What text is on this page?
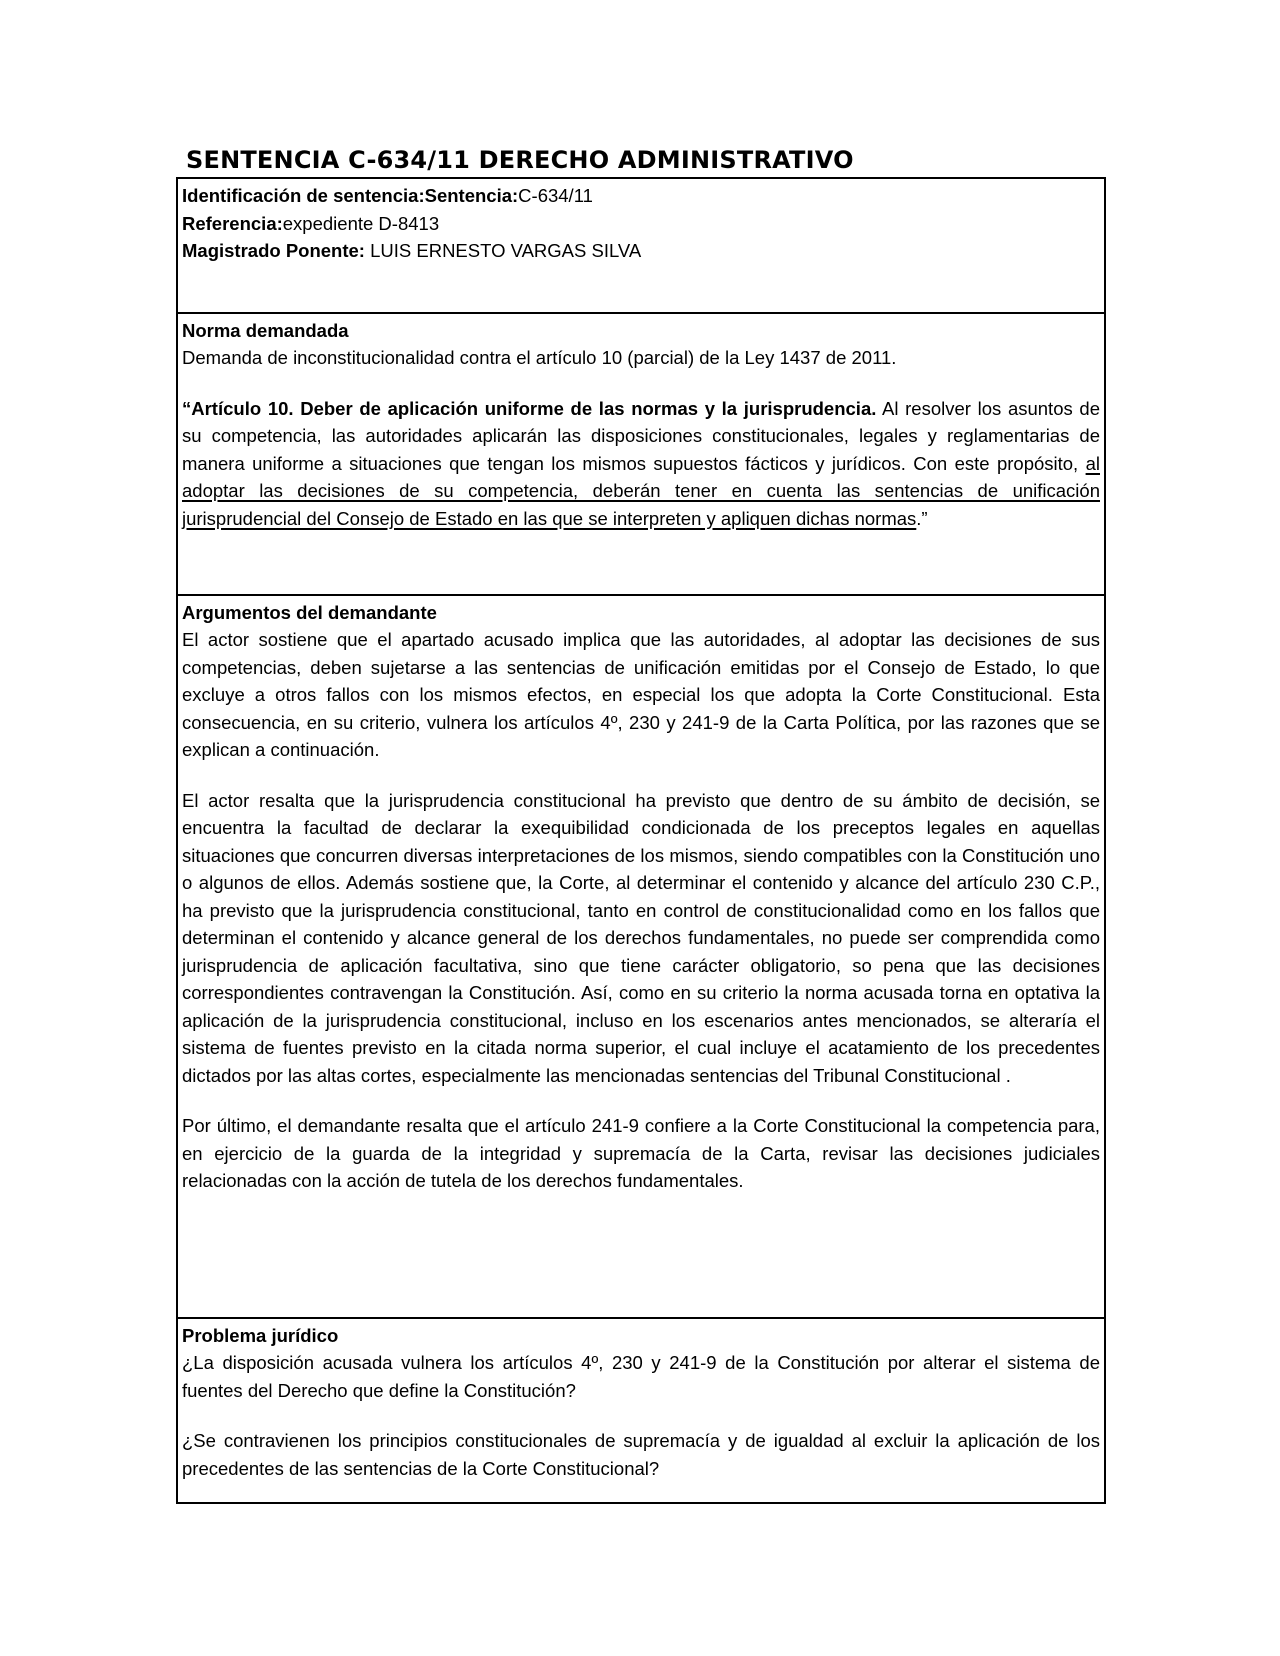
SENTENCIA C-634/11 DERECHO ADMINISTRATIVO

Identificación de sentencia:Sentencia:C-634/11

Referencia:expediente D-8413

Magistrado Ponente: LUIS ERNESTO VARGAS SILVA

Norma demandada

Demanda de inconstitucionalidad contra el artículo 10 (parcial) de la Ley 1437 de 2011.

“Artículo 10. Deber de aplicación uniforme de las normas y la jurisprudencia. Al resolver los asuntos de su competencia, las autoridades aplicarán las disposiciones constitucionales, legales y reglamentarias de manera uniforme a situaciones que tengan los mismos supuestos fácticos y jurídicos. Con este propósito, al adoptar las decisiones de su competencia, deberán tener en cuenta las sentencias de unificación jurisprudencial del Consejo de Estado en las que se interpreten y apliquen dichas normas.”

Argumentos del demandante

El actor sostiene que el apartado acusado implica que las autoridades, al adoptar las decisiones de sus competencias, deben sujetarse a las sentencias de unificación emitidas por el Consejo de Estado, lo que excluye a otros fallos con los mismos efectos, en especial los que adopta la Corte Constitucional. Esta consecuencia, en su criterio, vulnera los artículos 4º, 230 y 241-9 de la Carta Política, por las razones que se explican a continuación.

El actor resalta que la jurisprudencia constitucional ha previsto que dentro de su ámbito de decisión, se encuentra la facultad de declarar la exequibilidad condicionada de los preceptos legales en aquellas situaciones que concurren diversas interpretaciones de los mismos, siendo compatibles con la Constitución uno o algunos de ellos. Además sostiene que, la Corte, al determinar el contenido y alcance del artículo 230 C.P., ha previsto que la jurisprudencia constitucional, tanto en control de constitucionalidad como en los fallos que determinan el contenido y alcance general de los derechos fundamentales, no puede ser comprendida como jurisprudencia de aplicación facultativa, sino que tiene carácter obligatorio, so pena que las decisiones correspondientes contravengan la Constitución. Así, como en su criterio la norma acusada torna en optativa la aplicación de la jurisprudencia constitucional, incluso en los escenarios antes mencionados, se alteraría el sistema de fuentes previsto en la citada norma superior, el cual incluye el acatamiento de los precedentes dictados por las altas cortes, especialmente las mencionadas sentencias del Tribunal Constitucional .

Por último, el demandante resalta que el artículo 241-9 confiere a la Corte Constitucional la competencia para, en ejercicio de la guarda de la integridad y supremacía de la Carta, revisar las decisiones judiciales relacionadas con la acción de tutela de los derechos fundamentales.

Problema jurídico

¿La disposición acusada vulnera los artículos 4º, 230 y 241-9 de la Constitución por alterar el sistema de fuentes del Derecho que define la Constitución?

¿Se contravienen los principios constitucionales de supremacía y de igualdad al excluir la aplicación de los precedentes de las sentencias de la Corte Constitucional?
